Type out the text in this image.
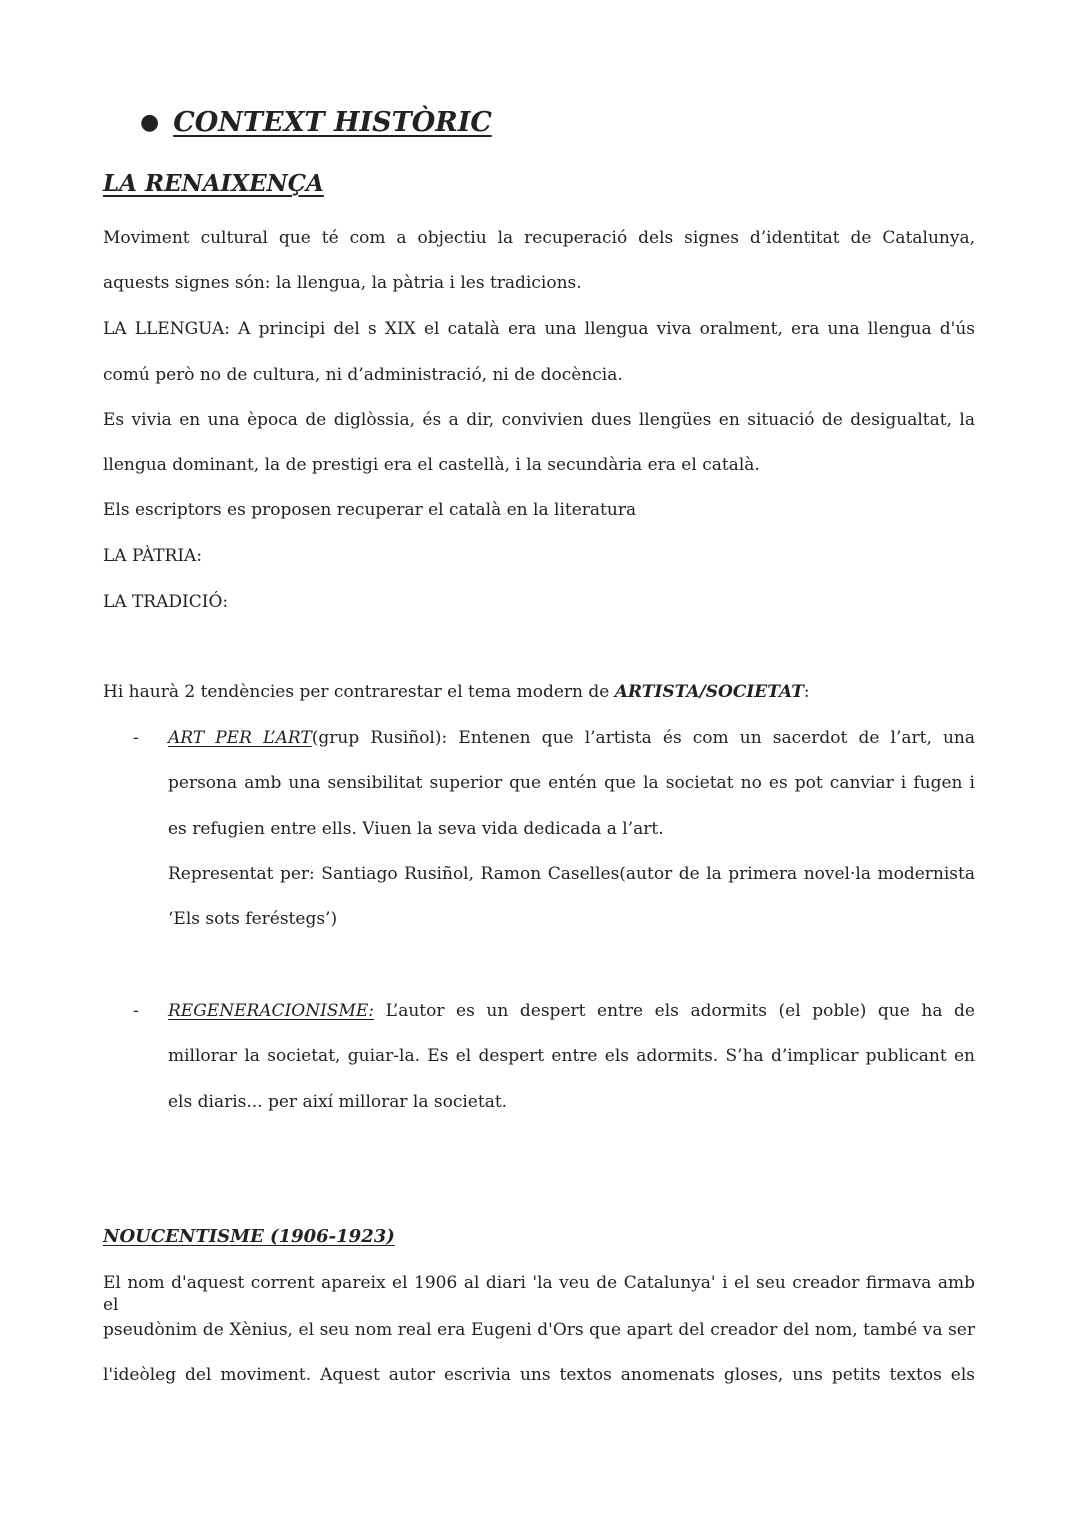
● CONTEXT HISTÒRIC
LA RENAIXENÇA
Moviment cultural que té com a objectiu la recuperació dels signes d’identitat de Catalunya,
aquests signes són: la llengua, la pàtria i les tradicions.
LA LLENGUA: A principi del s XIX el català era una llengua viva oralment, era una llengua d'ús
comú però no de cultura, ni d’administració, ni de docència.
Es vivia en una època de diglòssia, és a dir, convivien dues llengües en situació de desigualtat, la
llengua dominant, la de prestigi era el castellà, i la secundària era el català.
Els escriptors es proposen recuperar el català en la literatura
LA PÀTRIA:
LA TRADICIÓ:
Hi haurà 2 tendències per contrarestar el tema modern de ARTISTA/SOCIETAT:
- ART PER L’ART(grup Rusiñol): Entenen que l’artista és com un sacerdot de l’art, una
persona amb una sensibilitat superior que entén que la societat no es pot canviar i fugen i
es refugien entre ells. Viuen la seva vida dedicada a l’art.
Representat per: Santiago Rusiñol, Ramon Caselles(autor de la primera novel·la modernista
‘Els sots feréstegs’)
- REGENERACIONISME: L’autor es un despert entre els adormits (el poble) que ha de
millorar la societat, guiar-la. Es el despert entre els adormits. S’ha d’implicar publicant en
els diaris... per així millorar la societat.
NOUCENTISME (1906-1923)
El nom d'aquest corrent apareix el 1906 al diari 'la veu de Catalunya' i el seu creador firmava amb el
pseudònim de Xènius, el seu nom real era Eugeni d'Ors que apart del creador del nom, també va ser
l'ideòleg del moviment. Aquest autor escrivia uns textos anomenats gloses, uns petits textos els
